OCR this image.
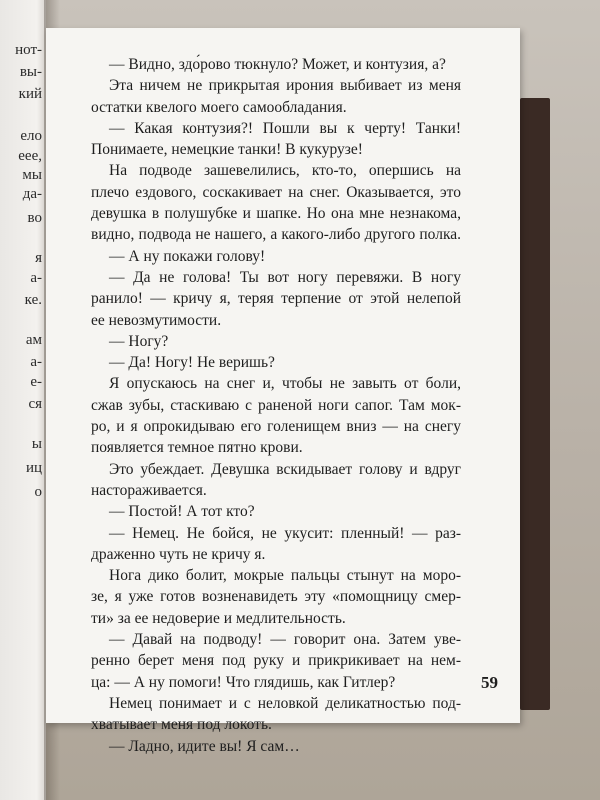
нот-
вы-
кий
ело
еее,
мы
да-
во
я
а-
ке.
ам
а-
е-
ся
ы
иц
о
— Видно, здо́рово тюкнуло? Может, и контузия, а?
Эта ничем не прикрытая ирония выбивает из меня
остатки квелого моего самообладания.
— Какая контузия?! Пошли вы к черту! Танки!
Понимаете, немецкие танки! В кукурузе!
На подводе зашевелились, кто-то, опершись на
плечо ездового, соскакивает на снег. Оказывается, это
девушка в полушубке и шапке. Но она мне незнакома,
видно, подвода не нашего, а какого-либо другого полка.
— А ну покажи голову!
— Да не голова! Ты вот ногу перевяжи. В ногу
ранило! — кричу я, теряя терпение от этой нелепой
ее невозмутимости.
— Ногу?
— Да! Ногу! Не веришь?
Я опускаюсь на снег и, чтобы не завыть от боли,
сжав зубы, стаскиваю с раненой ноги сапог. Там мок-
ро, и я опрокидываю его голенищем вниз — на снегу
появляется темное пятно крови.
Это убеждает. Девушка вскидывает голову и вдруг
настораживается.
— Постой! А тот кто?
— Немец. Не бойся, не укусит: пленный! — раз-
драженно чуть не кричу я.
Нога дико болит, мокрые пальцы стынут на моро-
зе, я уже готов возненавидеть эту «помощницу смер-
ти» за ее недоверие и медлительность.
— Давай на подводу! — говорит она. Затем уве-
ренно берет меня под руку и прикрикивает на нем-
ца: — А ну помоги! Что глядишь, как Гитлер?
Немец понимает и с неловкой деликатностью под-
хватывает меня под локоть.
— Ладно, идите вы! Я сам…
59
